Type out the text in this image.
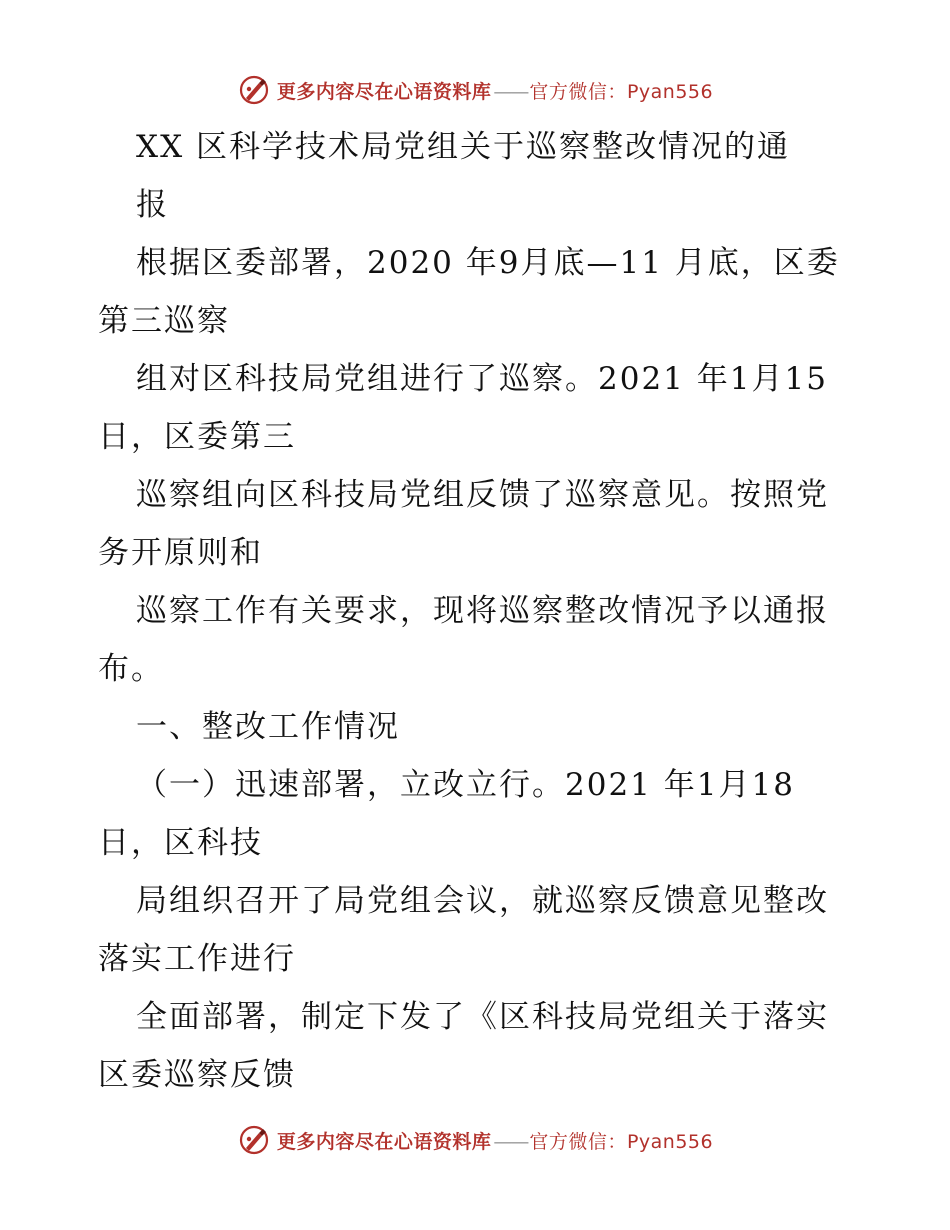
更多内容尽在心语资料库 —— 官方微信：Pyan556
XX 区科学技术局党组关于巡察整改情况的通
报
根据区委部署，2020 年9月底—11 月底，区委
第三巡察
组对区科技局党组进行了巡察。2021 年1月15
日，区委第三
巡察组向区科技局党组反馈了巡察意见。按照党
务开原则和
巡察工作有关要求，现将巡察整改情况予以通报
布。
一、整改工作情况
（一）迅速部署，立改立行。2021 年1月18
日，区科技
局组织召开了局党组会议，就巡察反馈意见整改
落实工作进行
全面部署，制定下发了《区科技局党组关于落实
区委巡察反馈
更多内容尽在心语资料库 —— 官方微信：Pyan556
